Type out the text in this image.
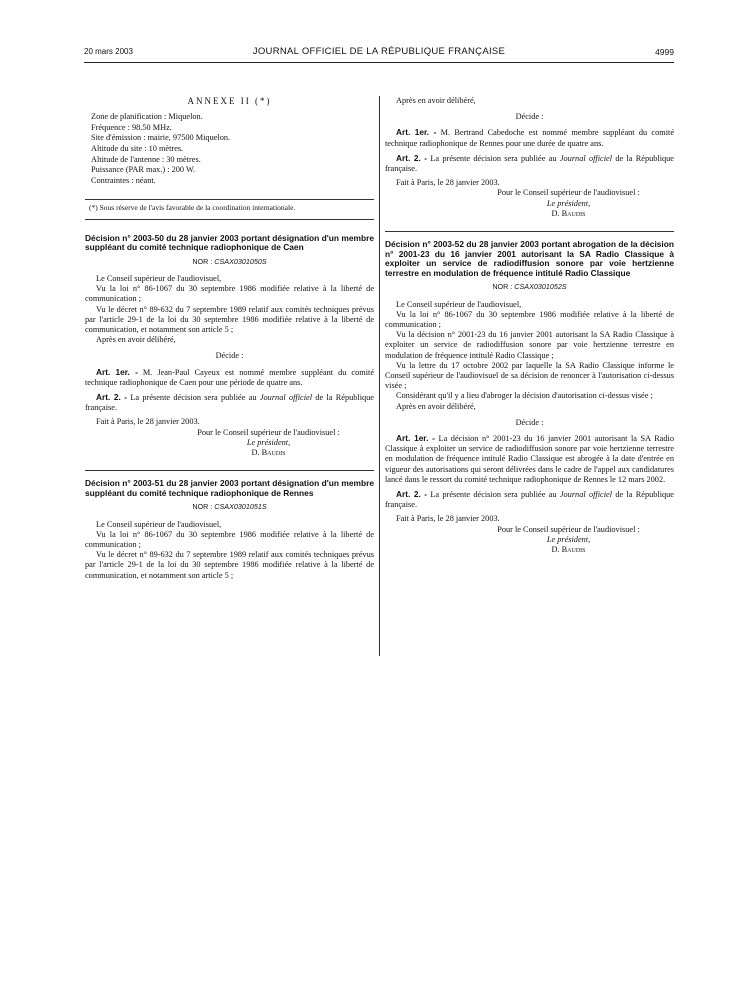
20 mars 2003	JOURNAL OFFICIEL DE LA RÉPUBLIQUE FRANÇAISE	4999

ANNEXE II (*)

Zone de planification : Miquelon.

Fréquence : 98.50 MHz.

Site d'émission : mairie, 97500 Miquelon.

Altitude du site : 10 mètres.

Altitude de l'antenne : 30 mètres.

Puissance (PAR max.) : 200 W.

Contraintes : néant.

(*) Sous réserve de l'avis favorable de la coordination internationale.

Décision n° 2003-50 du 28 janvier 2003 portant désignation d'un membre suppléant du comité technique radiophonique de Caen

NOR : CSAX0301050S

Le Conseil supérieur de l'audiovisuel,

Vu la loi n° 86-1067 du 30 septembre 1986 modifiée relative à la liberté de communication ;

Vu le décret n° 89-632 du 7 septembre 1989 relatif aux comités techniques prévus par l'article 29-1 de la loi du 30 septembre 1986 modifiée relative à la liberté de communication, et notamment son article 5 ;

Après en avoir délibéré,

Décide :

Art. 1er. - M. Jean-Paul Cayeux est nommé membre suppléant du comité technique radiophonique de Caen pour une période de quatre ans.

Art. 2. - La présente décision sera publiée au Journal officiel de la République française.

Fait à Paris, le 28 janvier 2003.

Pour le Conseil supérieur de l'audiovisuel :

Le président,

D. Baudis

Décision n° 2003-51 du 28 janvier 2003 portant désignation d'un membre suppléant du comité technique radiophonique de Rennes

NOR : CSAX0301051S

Le Conseil supérieur de l'audiovisuel,

Vu la loi n° 86-1067 du 30 septembre 1986 modifiée relative à la liberté de communication ;

Vu le décret n° 89-632 du 7 septembre 1989 relatif aux comités techniques prévus par l'article 29-1 de la loi du 30 septembre 1986 modifiée relative à la liberté de communication, et notamment son article 5 ;

Après en avoir délibéré,

Décide :

Art. 1er. - M. Bertrand Cabedoche est nommé membre suppléant du comité technique radiophonique de Rennes pour une durée de quatre ans.

Art. 2. - La présente décision sera publiée au Journal officiel de la République française.

Fait à Paris, le 28 janvier 2003.

Pour le Conseil supérieur de l'audiovisuel :

Le président,

D. Baudis

Décision n° 2003-52 du 28 janvier 2003 portant abrogation de la décision n° 2001-23 du 16 janvier 2001 autorisant la SA Radio Classique à exploiter un service de radiodiffusion sonore par voie hertzienne terrestre en modulation de fréquence intitulé Radio Classique

NOR : CSAX0301052S

Le Conseil supérieur de l'audiovisuel,

Vu la loi n° 86-1067 du 30 septembre 1986 modifiée relative à la liberté de communication ;

Vu la décision n° 2001-23 du 16 janvier 2001 autorisant la SA Radio Classique à exploiter un service de radiodiffusion sonore par voie hertzienne terrestre en modulation de fréquence intitulé Radio Classique ;

Vu la lettre du 17 octobre 2002 par laquelle la SA Radio Classique informe le Conseil supérieur de l'audiovisuel de sa décision de renoncer à l'autorisation ci-dessus visée ;

Considérant qu'il y a lieu d'abroger la décision d'autorisation ci-dessus visée ;

Après en avoir délibéré,

Décide :

Art. 1er. - La décision n° 2001-23 du 16 janvier 2001 autorisant la SA Radio Classique à exploiter un service de radiodiffusion sonore par voie hertzienne terrestre en modulation de fréquence intitulé Radio Classique est abrogée à la date d'entrée en vigueur des autorisations qui seront délivrées dans le cadre de l'appel aux candidatures lancé dans le ressort du comité technique radiophonique de Rennes le 12 mars 2002.

Art. 2. - La présente décision sera publiée au Journal officiel de la République française.

Fait à Paris, le 28 janvier 2003.

Pour le Conseil supérieur de l'audiovisuel :

Le président,

D. Baudis
